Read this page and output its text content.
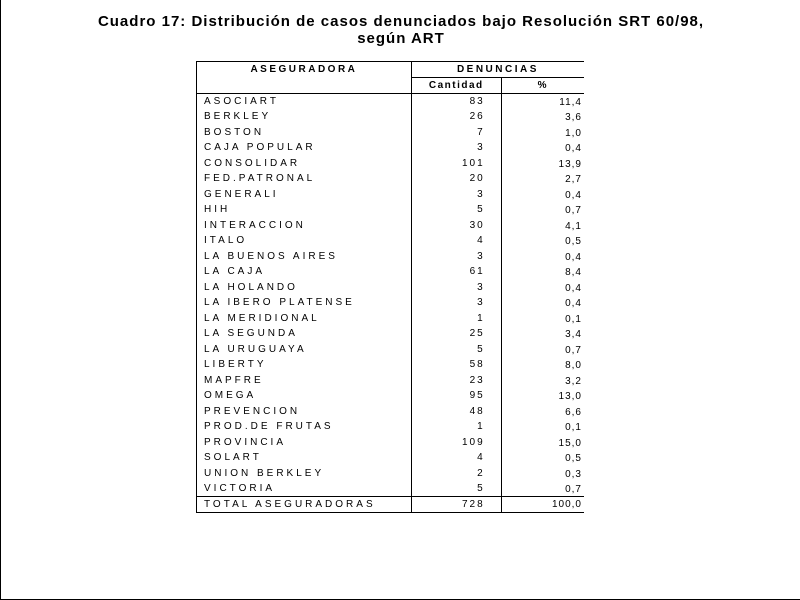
Cuadro 17: Distribución de casos denunciados bajo Resolución SRT 60/98,
según ART
ASEGURADORA	DENUNCIAS	
	Cantidad	%
ASOCIART	83	11,4
BERKLEY	26	3,6
BOSTON	7	1,0
CAJA POPULAR	3	0,4
CONSOLIDAR	101	13,9
FED.PATRONAL	20	2,7
GENERALI	3	0,4
HIH	5	0,7
INTERACCION	30	4,1
ITALO	4	0,5
LA BUENOS AIRES	3	0,4
LA CAJA	61	8,4
LA HOLANDO	3	0,4
LA IBERO PLATENSE	3	0,4
LA MERIDIONAL	1	0,1
LA SEGUNDA	25	3,4
LA URUGUAYA	5	0,7
LIBERTY	58	8,0
MAPFRE	23	3,2
OMEGA	95	13,0
PREVENCION	48	6,6
PROD.DE FRUTAS	1	0,1
PROVINCIA	109	15,0
SOLART	4	0,5
UNION BERKLEY	2	0,3
VICTORIA	5	0,7
TOTAL ASEGURADORAS	728	100,0
